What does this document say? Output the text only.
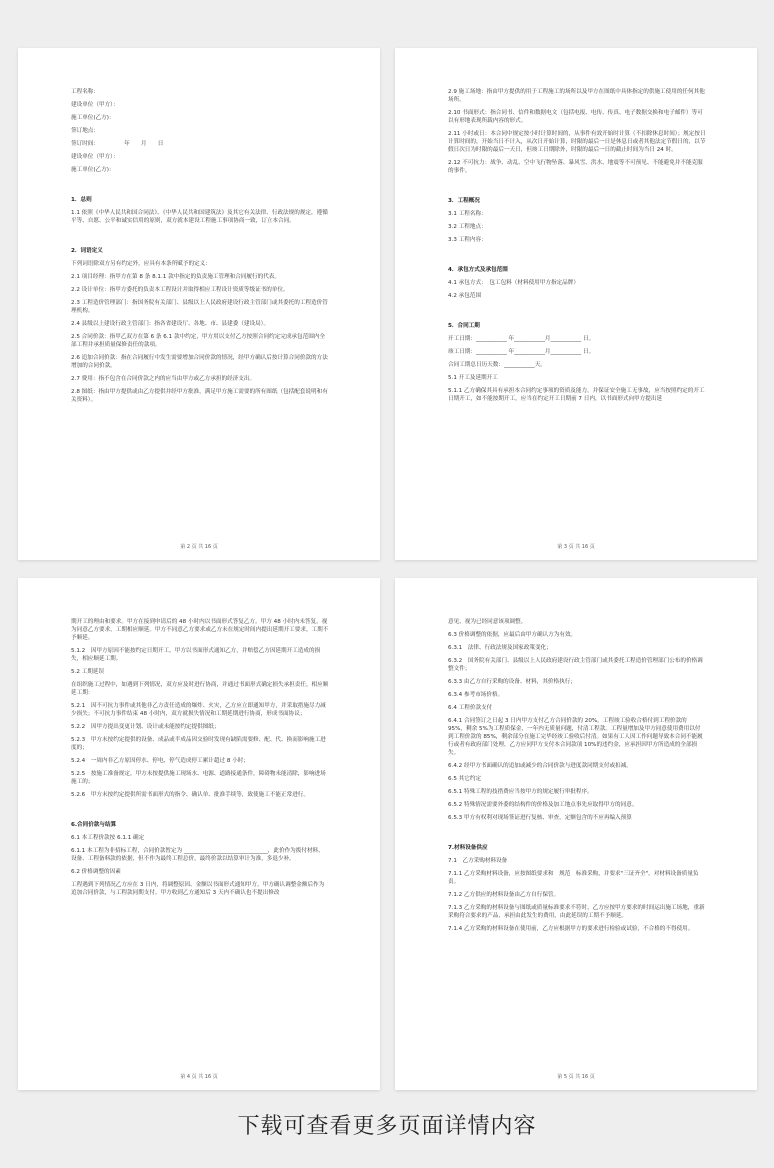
工程名称：
建设单位（甲方）：
施工单位(乙方)：
签订地点：
签订时间：　　　　　年　　月　　日
建设单位（甲方）：
施工单位(乙方)：
1．总则
1.1 依照《中华人民共和国合同法》、《中华人民共和国建筑法》及其它有关法律、行政法规的规定，遵循平等、自愿、公平和诚实信用的原则，双方就本建设工程施工事项协商一致，订立本合同。
2．词语定义
下列词语除双方另有约定外，应具有本条所赋予的定义：
2.1 项目经理：指甲方在第 8 条 8.1.1 款中指定的负责施工管理和合同履行的代表。
2.2 设计单位：指甲方委托的负责本工程设计并取得相应工程设计资质等级证书的单位。
2.3 工程造价管理部门：指国务院有关部门、县级以上人民政府建设行政主管部门或其委托的工程造价管理机构。
2.4 县级以上建设行政主管部门：指各省建设厅、各地、市、县建委（建设局）。
2.5 合同价款：指甲乙双方在第 6 条 6.1 款中约定，甲方用以支付乙方按照合同约定完成承包范围内全部工程并承担质量保修责任的款项。
2.6 追加合同价款：指在合同履行中发生需要增加合同价款的情况，经甲方确认后按计算合同价款的方法增加的合同价款。
2.7 费用：指不包含在合同价款之内的应当由甲方或乙方承担的经济支出。
2.8 图纸：指由甲方提供或由乙方提供并经甲方批准，满足甲方施工需要的所有图纸（包括配套说明和有关资料）。
第 2 页 共 16 页
2.9 施工场地：指由甲方提供的用于工程施工的场所以及甲方在图纸中具体指定的供施工使用的任何其他场所。
2.10 书面形式：指合同书、信件和数据电文（包括电报、电传、传真、电子数据交换和电子邮件）等可以有形地表现所载内容的形式。
2.11 小时或日：本合同中规定按小时计算时间的，从事件有效开始时计算（不扣除休息时间）；规定按日计算时间的，开始当日不计入，从次日开始计算，时限的最后一日是休息日或者其他法定节假日的，以节假日次日为时限的最后一天日，但竣工日期除外，时限的最后一日的截止时间为当日 24 时。
2.12 不可抗力：战争、动乱、空中飞行物坠落、暴风雪、洪水、地震等不可预见、不能避免并不能克服的事件。
3．工程概况
3.1 工程名称：
3.2 工程地点：
3.3 工程内容：
4．承包方式及承包范围
4.1 承包方式：　包工包料（材料使用甲方指定品牌）
4.2 承包范围
5．合同工期
开工日期：___________ 年___________月___________ 日。
竣工日期：___________ 年___________月___________ 日。
合同工期总日历天数：___________天。
5.1 开工及延期开工
5.1.1 乙方确保其具有承担本合同约定事项的资质及能力，并保证安全施工无事故，应当按照约定的开工日期开工，如不能按期开工，应当在约定开工日期前 7 日内，以书面形式向甲方提出延
第 3 页 共 16 页
期开工的理由和要求。甲方在接到申请后的 48 小时内以书面形式答复乙方。甲方 48 小时内未答复，视为同意乙方要求，工期相应顺延。甲方不同意乙方要求或乙方未在规定时间内提出延期开工要求，工期不予顺延。
5.1.2　因甲方原因不能按约定日期开工，甲方以书面形式通知乙方，并赔偿乙方因延期开工造成的损失，相应顺延工期。
5.2 工期延误
在组织施工过程中，如遇到下列情况，双方应及时进行协商，并通过书面形式确定损失承担责任，相应顺延工期：
5.2.1　因不可抗力事件或其他非乙方责任造成的爆炸、火灾，乙方应立即通知甲方，并采取措施尽力减少损失；不可抗力事件结束 48 小时内，双方就损失情况和工期延期进行协商，形成书面协议；
5.2.2　因甲方提出变更计划、设计或未能按约定提供图纸；
5.2.3　甲方未按约定提供的设备、成品或半成品因交验时发现有缺陷需要修、配、代、换而影响施工进度的；
5.2.4　一周内非乙方原因停水、停电、停气造成停工累计超过 8 小时；
5.2.5　按施工准备规定，甲方未按提供施工现场水、电源、道路接通条件，障碍物未能清除，影响进场施工的；
5.2.6　甲方未按约定提供所需书面形式的指令、确认单、批准手续等，致使施工不能正常进行。
6.合同价款与结算
6.1 本工程价款按 6.1.1 确定
6.1.1 本工程为非招标工程，合同价款暂定为 ______________________________，此价作为拨付材料、设备、工程备料款的依据，但不作为最终工程总价，最终价款以结算审计为准，多退少补。
6.2 价格调整的因素
工程遇到下列情况乙方应在 3 日内，将调整原因、金额以书面形式通知甲方，甲方确认调整金额后作为追加合同价款，与工程款同期支付。甲方收到乙方通知后 3 天内不确认也不提出修改
第 4 页 共 16 页
意见，视为已经同意该项调整。
6.3 价格调整的依据，应最后由甲方确认方为有效。
6.3.1　法律、行政法规及国家政策变化；
6.3.2　国务院有关部门、县级以上人民政府建设行政主管部门或其委托工程造价管理部门公布的价格调整文件；
6.3.3 由乙方自行采购的设备、材料，其价格执行；
6.3.4 参考市场价格。
6.4 工程价款支付
6.4.1 合同签订之日起 3 日内甲方支付乙方合同价款的 20%。工程竣工验收合格付到工程价款的 95%，剩余 5%为工程质保金，一年内无质量问题，付清工程款。工程量增加及甲方同意使用费用以付到工程价款的 85%，剩余部分在施工完毕经竣工验收后付清。如果有工人因工作问题导致本合同不能履行或者有政府部门处理，乙方应同甲方支付本合同款项 10%的违约金，应承担因甲方所造成的全部损失。
6.4.2 经甲方书面确认的追加或减少的合同价款与进度款同期支付或扣减。
6.5 其它约定
6.5.1 特殊工程的技措费应当按甲方的规定履行审批程序。
6.5.2 特殊情况需要外委的结构件的价格及加工地点事先应取得甲方的同意。
6.5.3 甲方有权利对现场签证进行复核、审查，定额包含的不应再编入预算
7.材料设备供应
7.1　乙方采购材料设备
7.1.1 乙方采购材料设备，应按图纸要求和　规范　标准采购，并要求"三证齐全"，对材料设备质量负责。
7.1.2 乙方供应的材料设备由乙方自行保管。
7.1.3 乙方采购的材料设备与图纸或质量标准要求不符时，乙方应按甲方要求的时间运出施工场地，重新采购符合要求的产品，承担由此发生的费用，由此延误的工期不予顺延。
7.1.4 乙方采购的材料设备在使用前，乙方应根据甲方的要求进行检验或试验，不合格的不得使用。
第 5 页 共 16 页
下载可查看更多页面详情内容
